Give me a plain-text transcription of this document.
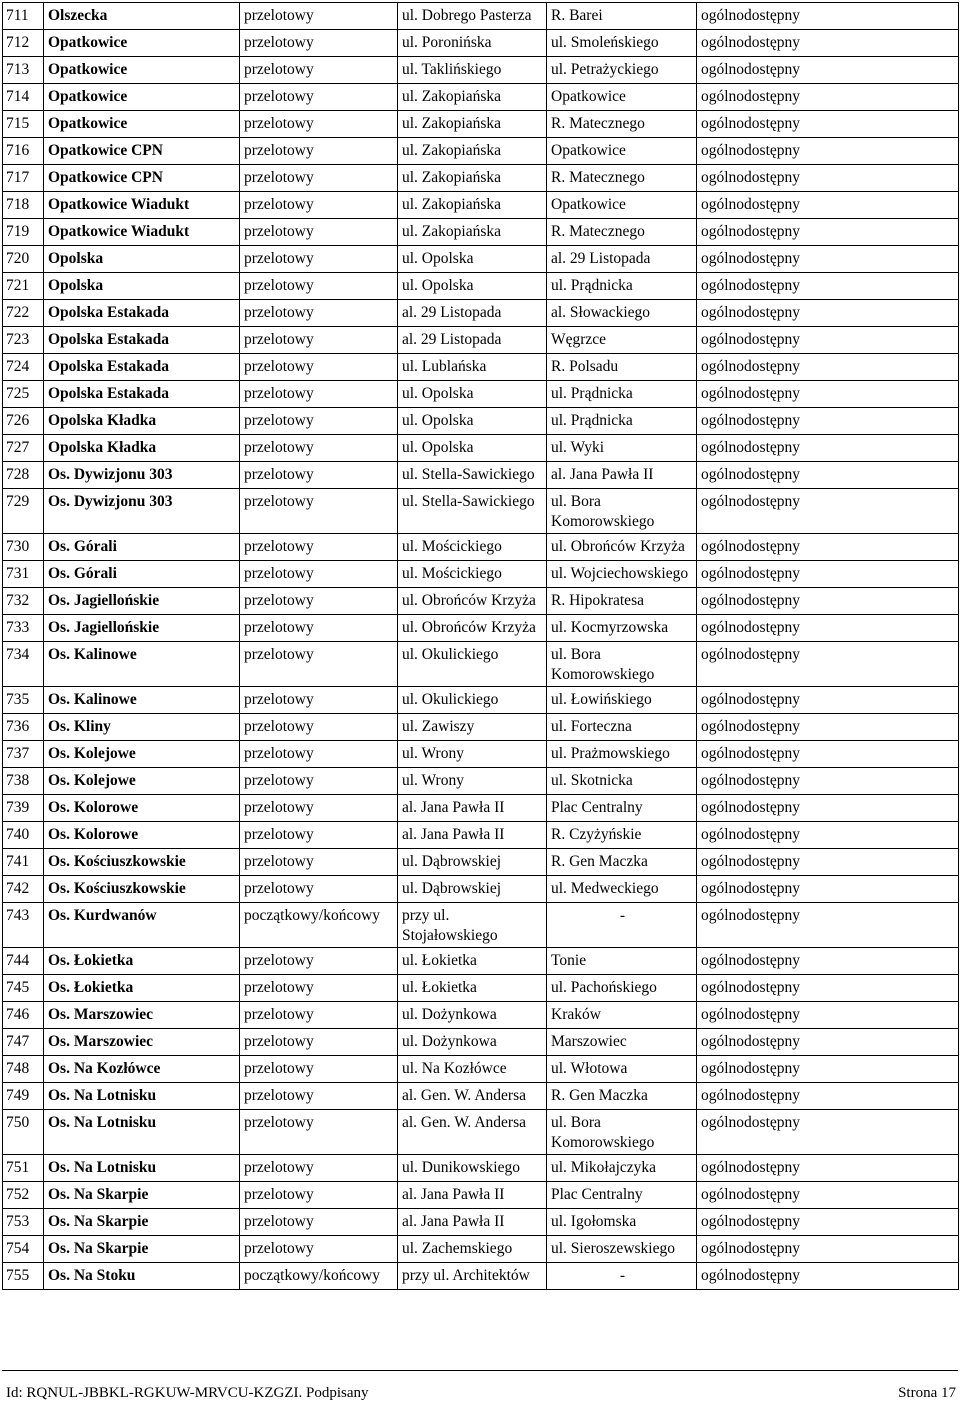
711	Olszecka	przelotowy	ul. Dobrego Pasterza	R. Barei	ogólnodostępny
712	Opatkowice	przelotowy	ul. Poronińska	ul. Smoleńskiego	ogólnodostępny
713	Opatkowice	przelotowy	ul. Taklińskiego	ul. Petrażyckiego	ogólnodostępny
714	Opatkowice	przelotowy	ul. Zakopiańska	Opatkowice	ogólnodostępny
715	Opatkowice	przelotowy	ul. Zakopiańska	R. Matecznego	ogólnodostępny
716	Opatkowice CPN	przelotowy	ul. Zakopiańska	Opatkowice	ogólnodostępny
717	Opatkowice CPN	przelotowy	ul. Zakopiańska	R. Matecznego	ogólnodostępny
718	Opatkowice Wiadukt	przelotowy	ul. Zakopiańska	Opatkowice	ogólnodostępny
719	Opatkowice Wiadukt	przelotowy	ul. Zakopiańska	R. Matecznego	ogólnodostępny
720	Opolska	przelotowy	ul. Opolska	al. 29 Listopada	ogólnodostępny
721	Opolska	przelotowy	ul. Opolska	ul. Prądnicka	ogólnodostępny
722	Opolska Estakada	przelotowy	al. 29 Listopada	al. Słowackiego	ogólnodostępny
723	Opolska Estakada	przelotowy	al. 29 Listopada	Węgrzce	ogólnodostępny
724	Opolska Estakada	przelotowy	ul. Lublańska	R. Polsadu	ogólnodostępny
725	Opolska Estakada	przelotowy	ul. Opolska	ul. Prądnicka	ogólnodostępny
726	Opolska Kładka	przelotowy	ul. Opolska	ul. Prądnicka	ogólnodostępny
727	Opolska Kładka	przelotowy	ul. Opolska	ul. Wyki	ogólnodostępny
728	Os. Dywizjonu 303	przelotowy	ul. Stella-Sawickiego	al. Jana Pawła II	ogólnodostępny
729	Os. Dywizjonu 303	przelotowy	ul. Stella-Sawickiego	ul. Bora Komorowskiego	ogólnodostępny
730	Os. Górali	przelotowy	ul. Mościckiego	ul. Obrońców Krzyża	ogólnodostępny
731	Os. Górali	przelotowy	ul. Mościckiego	ul. Wojciechowskiego	ogólnodostępny
732	Os. Jagiellońskie	przelotowy	ul. Obrońców Krzyża	R. Hipokratesa	ogólnodostępny
733	Os. Jagiellońskie	przelotowy	ul. Obrońców Krzyża	ul. Kocmyrzowska	ogólnodostępny
734	Os. Kalinowe	przelotowy	ul. Okulickiego	ul. Bora Komorowskiego	ogólnodostępny
735	Os. Kalinowe	przelotowy	ul. Okulickiego	ul. Łowińskiego	ogólnodostępny
736	Os. Kliny	przelotowy	ul. Zawiszy	ul. Forteczna	ogólnodostępny
737	Os. Kolejowe	przelotowy	ul. Wrony	ul. Prażmowskiego	ogólnodostępny
738	Os. Kolejowe	przelotowy	ul. Wrony	ul. Skotnicka	ogólnodostępny
739	Os. Kolorowe	przelotowy	al. Jana Pawła II	Plac Centralny	ogólnodostępny
740	Os. Kolorowe	przelotowy	al. Jana Pawła II	R. Czyżyńskie	ogólnodostępny
741	Os. Kościuszkowskie	przelotowy	ul. Dąbrowskiej	R. Gen Maczka	ogólnodostępny
742	Os. Kościuszkowskie	przelotowy	ul. Dąbrowskiej	ul. Medweckiego	ogólnodostępny
743	Os. Kurdwanów	początkowy/końcowy	przy ul. Stojałowskiego	-	ogólnodostępny
744	Os. Łokietka	przelotowy	ul. Łokietka	Tonie	ogólnodostępny
745	Os. Łokietka	przelotowy	ul. Łokietka	ul. Pachońskiego	ogólnodostępny
746	Os. Marszowiec	przelotowy	ul. Dożynkowa	Kraków	ogólnodostępny
747	Os. Marszowiec	przelotowy	ul. Dożynkowa	Marszowiec	ogólnodostępny
748	Os. Na Kozłówce	przelotowy	ul. Na Kozłówce	ul. Włotowa	ogólnodostępny
749	Os. Na Lotnisku	przelotowy	al. Gen. W. Andersa	R. Gen Maczka	ogólnodostępny
750	Os. Na Lotnisku	przelotowy	al. Gen. W. Andersa	ul. Bora Komorowskiego	ogólnodostępny
751	Os. Na Lotnisku	przelotowy	ul. Dunikowskiego	ul. Mikołajczyka	ogólnodostępny
752	Os. Na Skarpie	przelotowy	al. Jana Pawła II	Plac Centralny	ogólnodostępny
753	Os. Na Skarpie	przelotowy	al. Jana Pawła II	ul. Igołomska	ogólnodostępny
754	Os. Na Skarpie	przelotowy	ul. Zachemskiego	ul. Sieroszewskiego	ogólnodostępny
755	Os. Na Stoku	początkowy/końcowy	przy ul. Architektów	-	ogólnodostępny
Id: RQNUL-JBBKL-RGKUW-MRVCU-KZGZI. Podpisany	Strona 17
